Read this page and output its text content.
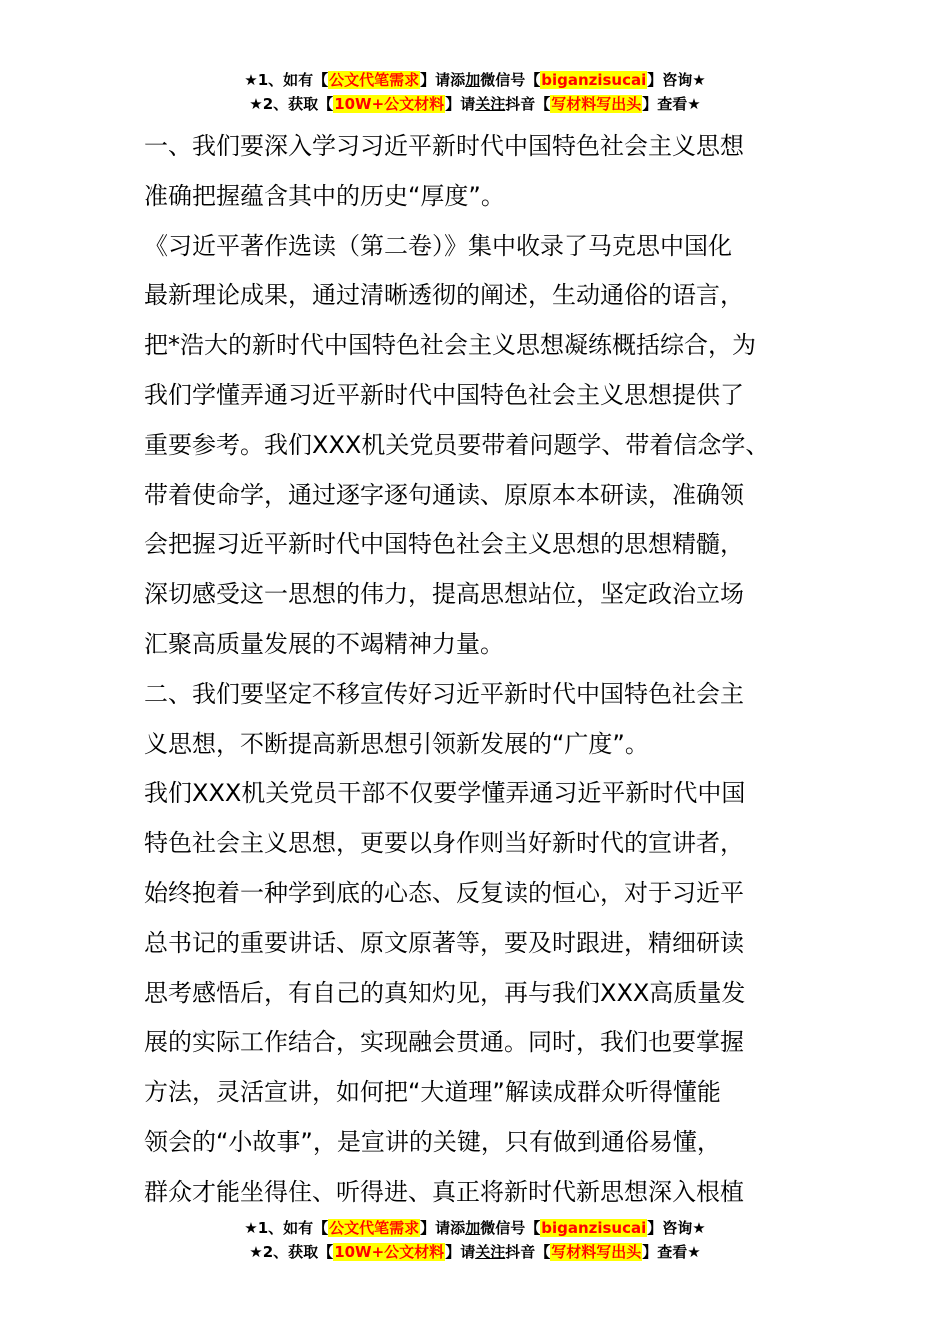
★1、如有【公文代笔需求】请添加微信号【biganzisucai】咨询★
★2、获取【10W+公文材料】请关注抖音【写材料写出头】查看★
一、我们要深入学习习近平新时代中国特色社会主义思想
准确把握蕴含其中的历史“厚度”。
《习近平著作选读（第二卷）》集中收录了马克思中国化
最新理论成果，通过清晰透彻的阐述，生动通俗的语言，
把*浩大的新时代中国特色社会主义思想凝练概括综合，为
我们学懂弄通习近平新时代中国特色社会主义思想提供了
重要参考。我们XXX机关党员要带着问题学、带着信念学、
带着使命学，通过逐字逐句通读、原原本本研读，准确领
会把握习近平新时代中国特色社会主义思想的思想精髓，
深切感受这一思想的伟力，提高思想站位，坚定政治立场
汇聚高质量发展的不竭精神力量。
二、我们要坚定不移宣传好习近平新时代中国特色社会主
义思想，不断提高新思想引领新发展的“广度”。
我们XXX机关党员干部不仅要学懂弄通习近平新时代中国
特色社会主义思想，更要以身作则当好新时代的宣讲者，
始终抱着一种学到底的心态、反复读的恒心，对于习近平
总书记的重要讲话、原文原著等，要及时跟进，精细研读
思考感悟后，有自己的真知灼见，再与我们XXX高质量发
展的实际工作结合，实现融会贯通。同时，我们也要掌握
方法，灵活宣讲，如何把“大道理”解读成群众听得懂能
领会的“小故事”，是宣讲的关键，只有做到通俗易懂，
群众才能坐得住、听得进、真正将新时代新思想深入根植
★1、如有【公文代笔需求】请添加微信号【biganzisucai】咨询★
★2、获取【10W+公文材料】请关注抖音【写材料写出头】查看★
